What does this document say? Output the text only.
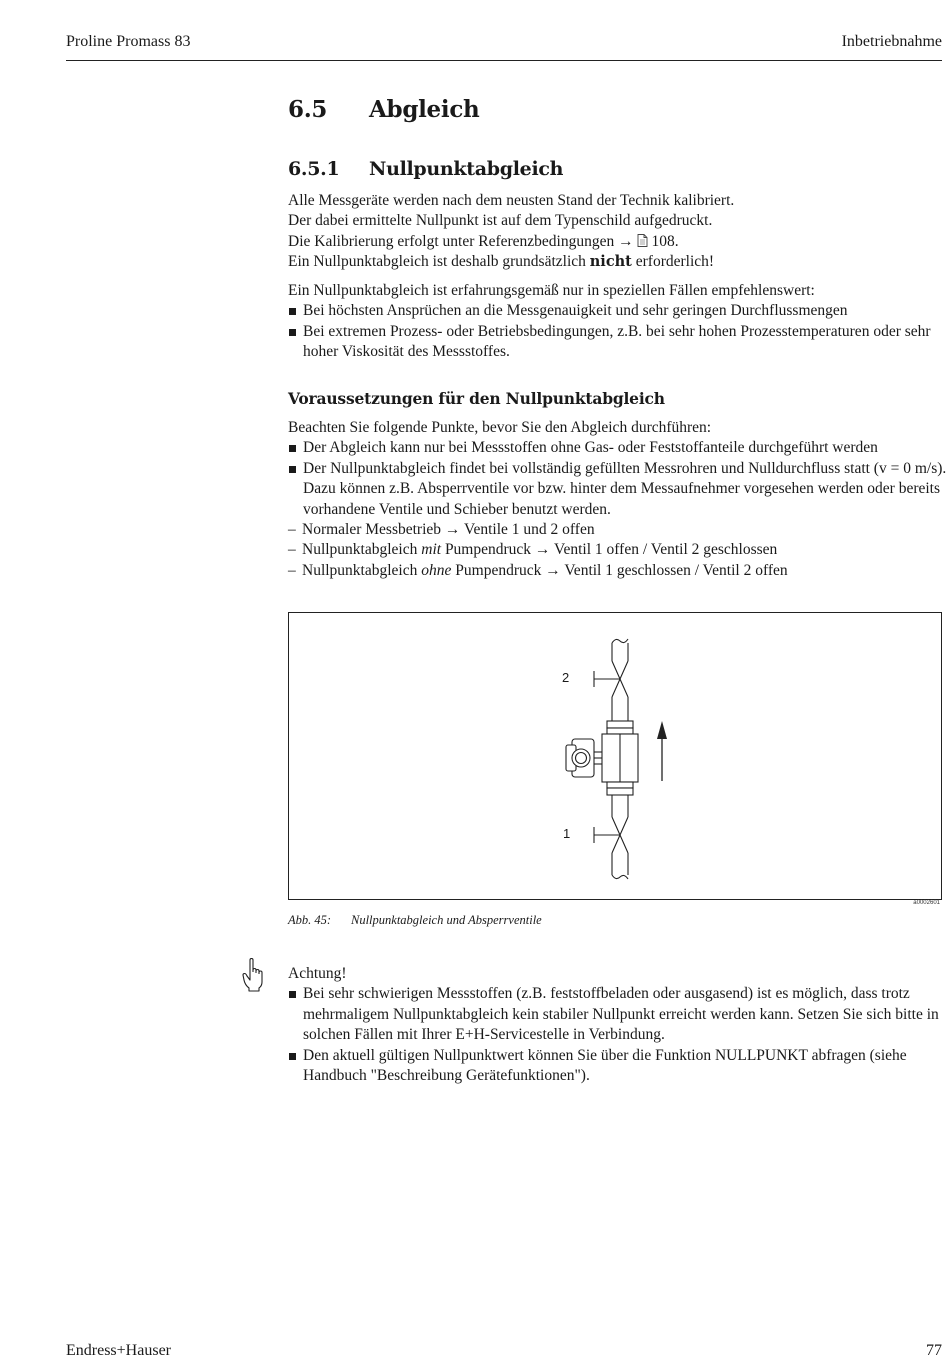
Proline Promass 83	Inbetriebnahme
6.5 Abgleich
6.5.1 Nullpunktabgleich

Alle Messgeräte werden nach dem neusten Stand der Technik kalibriert.

Der dabei ermittelte Nullpunkt ist auf dem Typenschild aufgedruckt.

Die Kalibrierung erfolgt unter Referenzbedingungen → 108.

Ein Nullpunktabgleich ist deshalb grundsätzlich nicht erforderlich!

Ein Nullpunktabgleich ist erfahrungsgemäß nur in speziellen Fällen empfehlenswert:

Bei höchsten Ansprüchen an die Messgenauigkeit und sehr geringen Durchflussmengen

Bei extremen Prozess- oder Betriebsbedingungen, z.B. bei sehr hohen Prozesstemperaturen oder sehr hoher Viskosität des Messstoffes.

Voraussetzungen für den Nullpunktabgleich

Beachten Sie folgende Punkte, bevor Sie den Abgleich durchführen:

Der Abgleich kann nur bei Messstoffen ohne Gas- oder Feststoffanteile durchgeführt werden

Der Nullpunktabgleich findet bei vollständig gefüllten Messrohren und Nulldurchfluss statt (v = 0 m/s). Dazu können z.B. Absperrventile vor bzw. hinter dem Messaufnehmer vorgesehen werden oder bereits vorhandene Ventile und Schieber benutzt werden.

– Normaler Messbetrieb → Ventile 1 und 2 offen

– Nullpunktabgleich mit Pumpendruck → Ventil 1 offen / Ventil 2 geschlossen

– Nullpunktabgleich ohne Pumpendruck → Ventil 1 geschlossen / Ventil 2 offen

2
1
a0002601
Abb. 45: Nullpunktabgleich und Absperrventile

Achtung!

Bei sehr schwierigen Messstoffen (z.B. feststoffbeladen oder ausgasend) ist es möglich, dass trotz mehrmaligem Nullpunktabgleich kein stabiler Nullpunkt erreicht werden kann. Setzen Sie sich bitte in solchen Fällen mit Ihrer E+H-Servicestelle in Verbindung.

Den aktuell gültigen Nullpunktwert können Sie über die Funktion NULLPUNKT abfragen (siehe Handbuch "Beschreibung Gerätefunktionen").

Endress+Hauser	77
